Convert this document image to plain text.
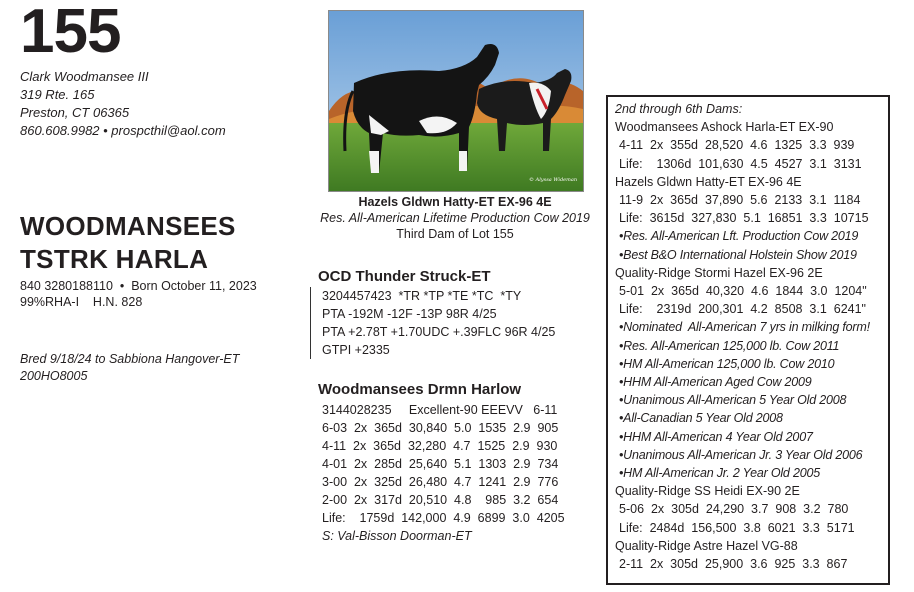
155
Clark Woodmansee III
319 Rte. 165
Preston, CT 06365
860.608.9982 • prospcthil@aol.com
WOODMANSEES
TSTRK HARLA
840 3280188110  •  Born October 11, 2023
99%RHA-I    H.N. 828
Bred 9/18/24 to Sabbiona Hangover-ET
200HO8005
© Alyssa Wideman
Hazels Gldwn Hatty-ET EX-96 4E
Res. All-American Lifetime Production Cow 2019
Third Dam of Lot 155
OCD Thunder Struck-ET
3204457423  *TR *TP *TE *TC  *TY
PTA -192M -12F -13P 98R 4/25
PTA +2.78T +1.70UDC +.39FLC 96R 4/25
GTPI +2335
Woodmansees Drmn Harlow
3144028235     Excellent-90 EEEVV   6-11
6-03  2x  365d  30,840  5.0  1535  2.9  905
4-11  2x  365d  32,280  4.7  1525  2.9  930
4-01  2x  285d  25,640  5.1  1303  2.9  734
3-00  2x  325d  26,480  4.7  1241  2.9  776
2-00  2x  317d  20,510  4.8    985  3.2  654
Life:    1759d  142,000  4.9  6899  3.0  4205
S: Val-Bisson Doorman-ET
2nd through 6th Dams:
Woodmansees Ashock Harla-ET EX-90
4-11  2x  355d  28,520  4.6  1325  3.3  939
Life:    1306d  101,630  4.5  4527  3.1  3131
Hazels Gldwn Hatty-ET EX-96 4E
11-9  2x  365d  37,890  5.6  2133  3.1  1184
Life:  3615d  327,830  5.1  16851  3.3  10715
•Res. All-American Lft. Production Cow 2019
•Best B&O International Holstein Show 2019
Quality-Ridge Stormi Hazel EX-96 2E
5-01  2x  365d  40,320  4.6  1844  3.0  1204"
Life:    2319d  200,301  4.2  8508  3.1  6241"
•Nominated  All-American 7 yrs in milking form!
•Res. All-American 125,000 lb. Cow 2011
•HM All-American 125,000 lb. Cow 2010
•HHM All-American Aged Cow 2009
•Unanimous All-American 5 Year Old 2008
•All-Canadian 5 Year Old 2008
•HHM All-American 4 Year Old 2007
•Unanimous All-American Jr. 3 Year Old 2006
•HM All-American Jr. 2 Year Old 2005
Quality-Ridge SS Heidi EX-90 2E
5-06  2x  305d  24,290  3.7  908  3.2  780
Life:  2484d  156,500  3.8  6021  3.3  5171
Quality-Ridge Astre Hazel VG-88
2-11  2x  305d  25,900  3.6  925  3.3  867
